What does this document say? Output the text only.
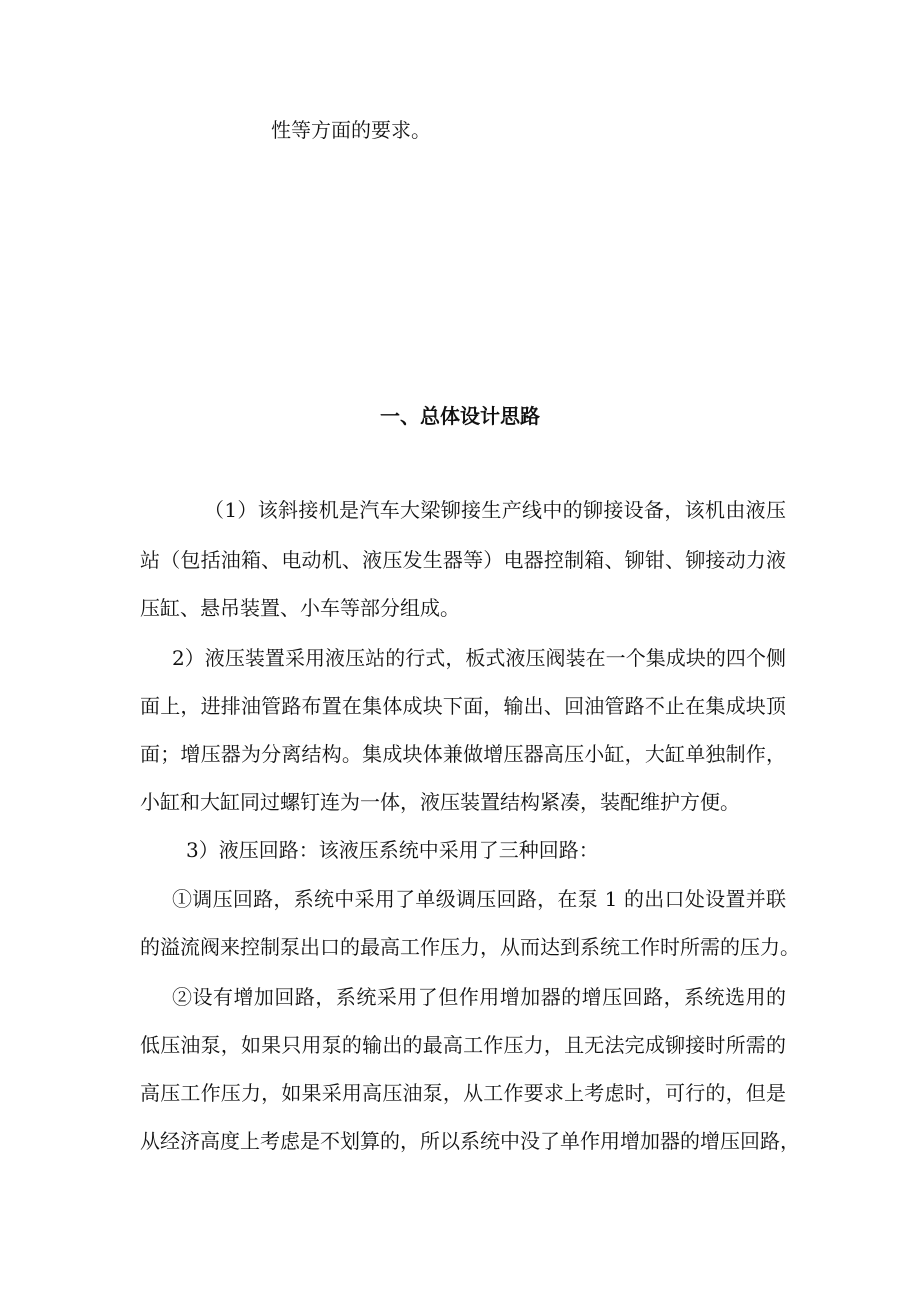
性等方面的要求。
一、总体设计思路
（1）该斜接机是汽车大梁铆接生产线中的铆接设备，该机由液压
站（包括油箱、电动机、液压发生器等）电器控制箱、铆钳、铆接动力液
压缸、悬吊装置、小车等部分组成。
2）液压装置采用液压站的行式，板式液压阀装在一个集成块的四个侧
面上，进排油管路布置在集体成块下面，输出、回油管路不止在集成块顶
面；增压器为分离结构。集成块体兼做增压器高压小缸，大缸单独制作，
小缸和大缸同过螺钉连为一体，液压装置结构紧凑，装配维护方便。
3）液压回路：该液压系统中采用了三种回路：
①调压回路，系统中采用了单级调压回路，在泵 1 的出口处设置并联
的溢流阀来控制泵出口的最高工作压力，从而达到系统工作时所需的压力。
②设有增加回路，系统采用了但作用增加器的增压回路，系统选用的
低压油泵，如果只用泵的输出的最高工作压力，且无法完成铆接时所需的
高压工作压力，如果采用高压油泵，从工作要求上考虑时，可行的，但是
从经济高度上考虑是不划算的，所以系统中没了单作用增加器的增压回路，
